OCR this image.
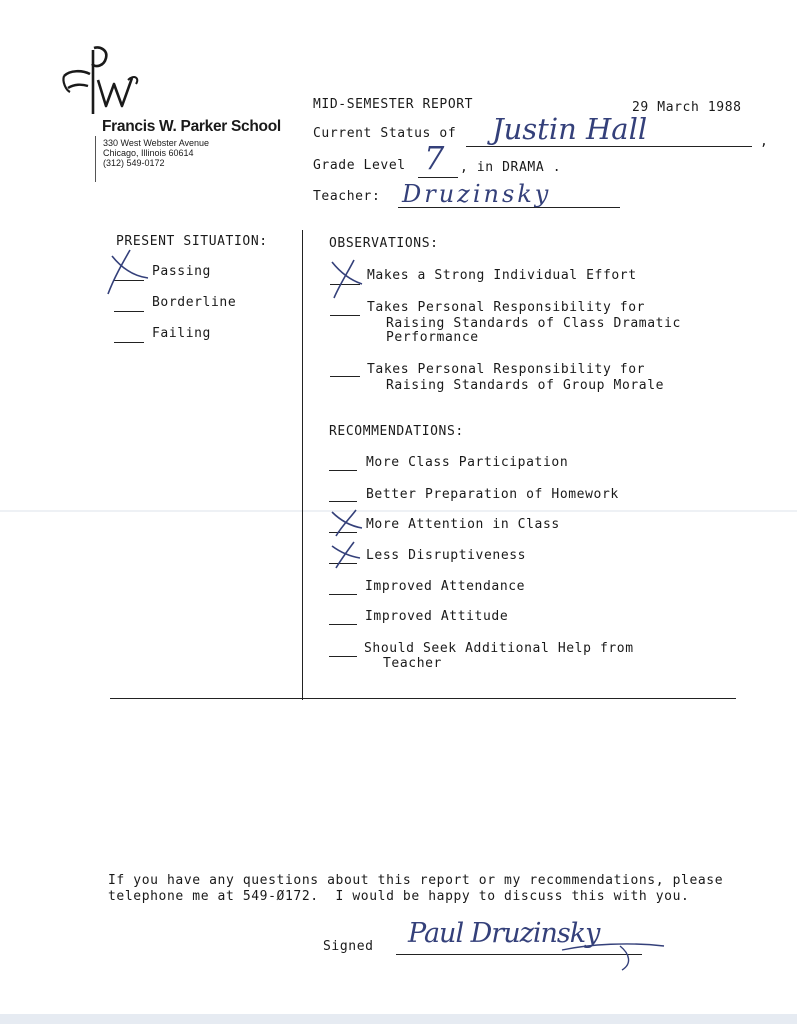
Francis W. Parker School
330 West Webster Avenue
Chicago, Illinois 60614
(312) 549-0172
MID-SEMESTER REPORT	29 March 1988
Current Status of Justin Hall	,
Grade Level 7 , in DRAMA .
Teacher: Druzinsky
PRESENT SITUATION:
Passing
Borderline
Failing
OBSERVATIONS:
Makes a Strong Individual Effort
Takes Personal Responsibility for
Raising Standards of Class Dramatic
Performance
Takes Personal Responsibility for
Raising Standards of Group Morale
RECOMMENDATIONS:
More Class Participation
Better Preparation of Homework
More Attention in Class
Less Disruptiveness
Improved Attendance
Improved Attitude
Should Seek Additional Help from
Teacher
If you have any questions about this report or my recommendations, please
telephone me at 549-Ø172.  I would be happy to discuss this with you.
Signed Paul Druzinsky
